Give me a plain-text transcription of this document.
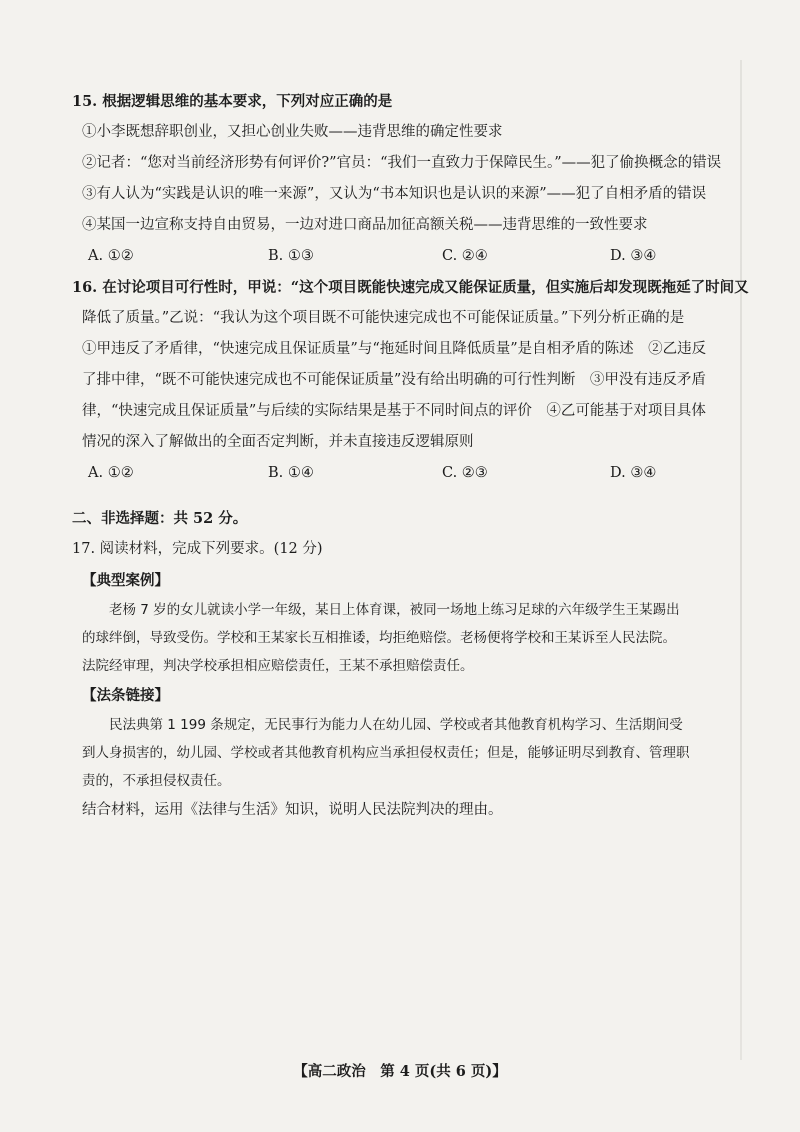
15. 根据逻辑思维的基本要求，下列对应正确的是
①小李既想辞职创业，又担心创业失败——违背思维的确定性要求
②记者：“您对当前经济形势有何评价?”官员：“我们一直致力于保障民生。”——犯了偷换概念的错误
③有人认为“实践是认识的唯一来源”，又认为“书本知识也是认识的来源”——犯了自相矛盾的错误
④某国一边宣称支持自由贸易，一边对进口商品加征高额关税——违背思维的一致性要求
A. ①②	B. ①③	C. ②④	D. ③④
16. 在讨论项目可行性时，甲说：“这个项目既能快速完成又能保证质量，但实施后却发现既拖延了时间又
降低了质量。”乙说：“我认为这个项目既不可能快速完成也不可能保证质量。”下列分析正确的是
①甲违反了矛盾律，“快速完成且保证质量”与“拖延时间且降低质量”是自相矛盾的陈述　②乙违反
了排中律，“既不可能快速完成也不可能保证质量”没有给出明确的可行性判断　③甲没有违反矛盾
律，“快速完成且保证质量”与后续的实际结果是基于不同时间点的评价　④乙可能基于对项目具体
情况的深入了解做出的全面否定判断，并未直接违反逻辑原则
A. ①②	B. ①④	C. ②③	D. ③④
二、非选择题：共 52 分。
17. 阅读材料，完成下列要求。(12 分)
【典型案例】
老杨 7 岁的女儿就读小学一年级，某日上体育课，被同一场地上练习足球的六年级学生王某踢出
的球绊倒，导致受伤。学校和王某家长互相推诿，均拒绝赔偿。老杨便将学校和王某诉至人民法院。
法院经审理，判决学校承担相应赔偿责任，王某不承担赔偿责任。
【法条链接】
民法典第 1 199 条规定，无民事行为能力人在幼儿园、学校或者其他教育机构学习、生活期间受
到人身损害的，幼儿园、学校或者其他教育机构应当承担侵权责任；但是，能够证明尽到教育、管理职
责的，不承担侵权责任。
结合材料，运用《法律与生活》知识，说明人民法院判决的理由。
【高二政治　第 4 页(共 6 页)】
